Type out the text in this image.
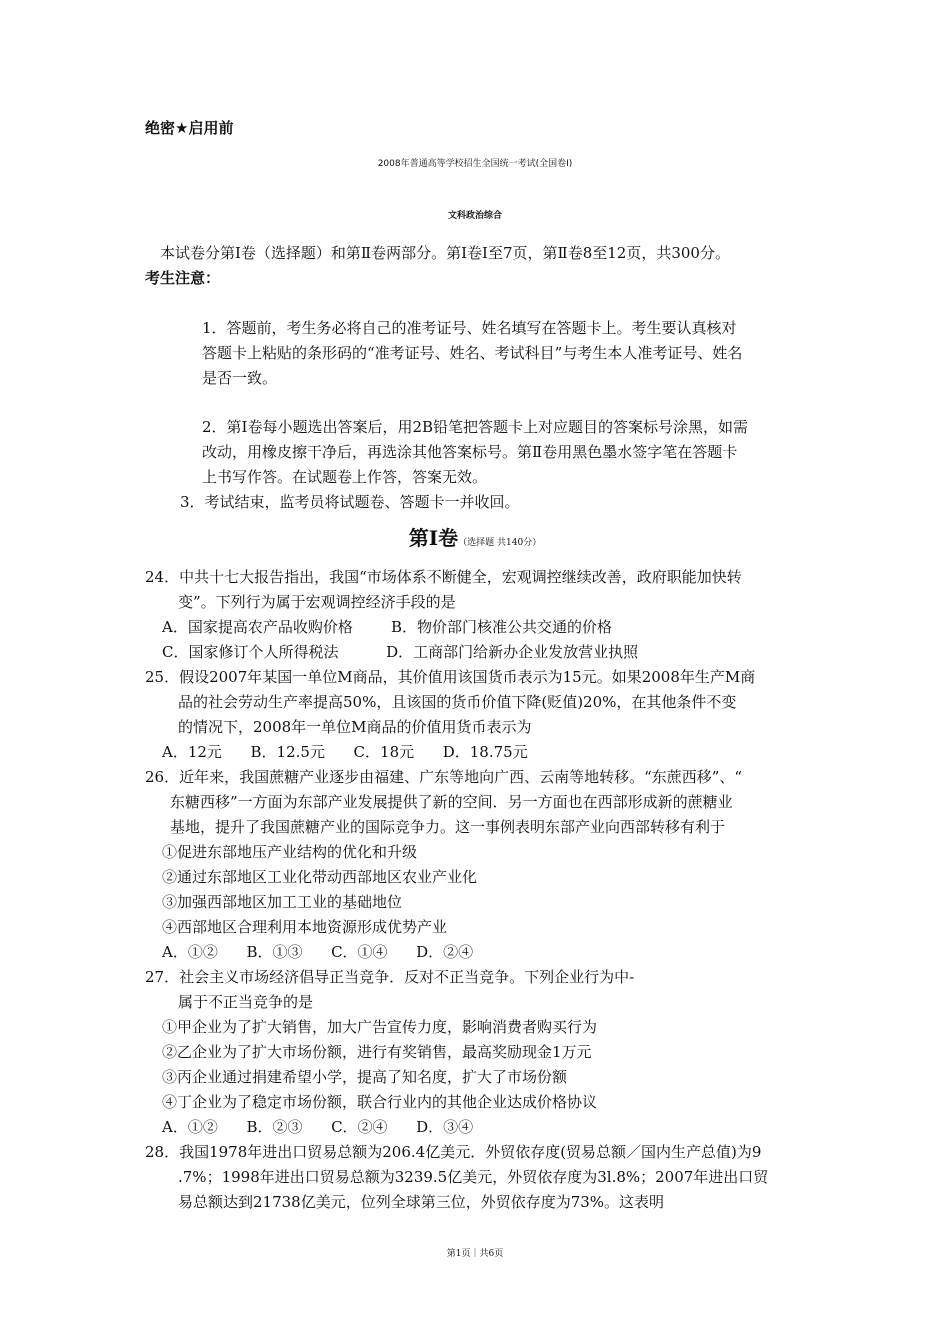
绝密★启用前
2008年普通高等学校招生全国统一考试(全国卷Ⅰ)
文科政治综合
本试卷分第Ⅰ卷（选择题）和第Ⅱ卷两部分。第Ⅰ卷Ⅰ至7页，第Ⅱ卷8至12页，共300分。
考生注意：
1．答题前，考生务必将自己的准考证号、姓名填写在答题卡上。考生要认真核对
答题卡上粘贴的条形码的“准考证号、姓名、考试科目”与考生本人准考证号、姓名
是否一致。
2．第Ⅰ卷每小题选出答案后，用2B铅笔把答题卡上对应题目的答案标号涂黑，如需
改动，用橡皮擦干净后，再选涂其他答案标号。第Ⅱ卷用黑色墨水签字笔在答题卡
上书写作答。在试题卷上作答，答案无效。
3．考试结束，监考员将试题卷、答题卡一并收回。
第Ⅰ卷（选择题 共140分）
24．中共十七大报告指出，我国“市场体系不断健全，宏观调控继续改善，政府职能加快转
变”。下列行为属于宏观调控经济手段的是
A．国家提高农产品收购价格        B．物价部门核准公共交通的价格
C．国家修订个人所得税法          D．工商部门给新办企业发放营业执照
25．假设2007年某国一单位M商品，其价值用该国货币表示为15元。如果2008年生产M商
品的社会劳动生产率提高50%，且该国的货币价值下降(贬值)20%，在其他条件不变
的情况下，2008年一单位M商品的价值用货币表示为
A．12元      B．12.5元      C．18元      D．18.75元
26．近年来，我国蔗糖产业逐步由福建、广东等地向广西、云南等地转移。“东蔗西移”、“
东糖西移”一方面为东部产业发展提供了新的空间．另一方面也在西部形成新的蔗糖业
基地，提升了我国蔗糖产业的国际竞争力。这一事例表明东部产业向西部转移有利于
①促进东部地压产业结构的优化和升级
②通过东部地区工业化带动西部地区农业产业化
③加强西部地区加工工业的基础地位
④西部地区合理利用本地资源形成优势产业
A．①②      B．①③      C．①④      D．②④
27．社会主义市场经济倡导正当竞争．反对不正当竞争。下列企业行为中-
属于不正当竞争的是
①甲企业为了扩大销售，加大广告宣传力度，影响消费者购买行为
②乙企业为了扩大市场份额，进行有奖销售，最高奖励现金1万元
③丙企业通过捐建希望小学，提高了知名度，扩大了市场份额
④丁企业为了稳定市场份额，联合行业内的其他企业达成价格协议
A．①②      B．②③      C．②④      D．③④
28．我国1978年进出口贸易总额为206.4亿美元．外贸依存度(贸易总额／国内生产总值)为9
.7%；1998年进出口贸易总额为3239.5亿美元，外贸依存度为3l.8%；2007年进出口贸
易总额达到21738亿美元，位列全球第三位，外贸依存度为73%。这表明
第1页｜共6页
